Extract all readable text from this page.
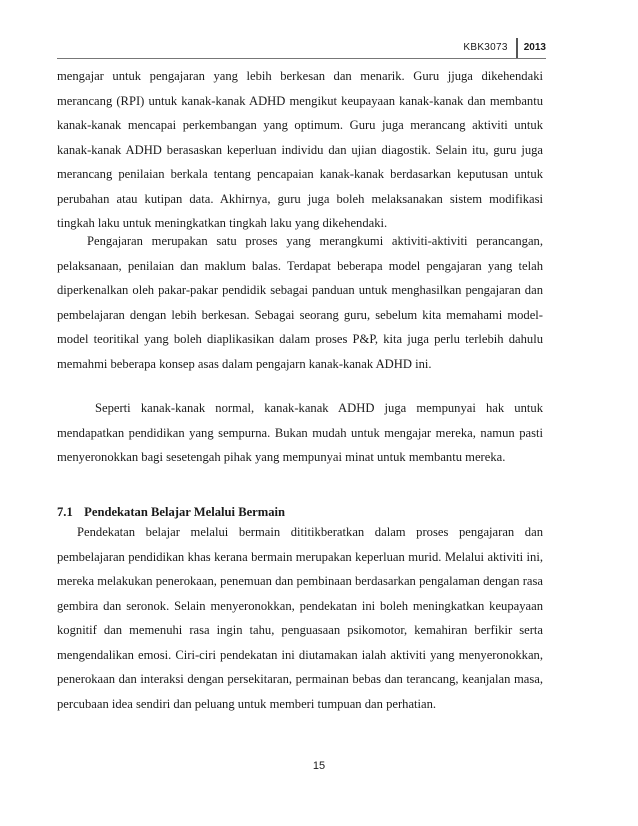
KBK3073	2013

mengajar untuk pengajaran yang lebih berkesan dan menarik. Guru jjuga dikehendaki merancang (RPI) untuk kanak-kanak ADHD mengikut keupayaan kanak-kanak dan membantu kanak-kanak mencapai perkembangan yang optimum. Guru juga merancang aktiviti untuk kanak-kanak ADHD berasaskan keperluan individu dan ujian diagostik. Selain itu, guru juga merancang penilaian berkala tentang pencapaian kanak-kanak berdasarkan keputusan untuk perubahan atau kutipan data. Akhirnya, guru juga boleh melaksanakan sistem modifikasi tingkah laku untuk meningkatkan tingkah laku yang dikehendaki.

Pengajaran merupakan satu proses yang merangkumi aktiviti-aktiviti perancangan, pelaksanaan, penilaian dan maklum balas. Terdapat beberapa model pengajaran yang telah diperkenalkan oleh pakar-pakar pendidik sebagai panduan untuk menghasilkan pengajaran dan pembelajaran dengan lebih berkesan. Sebagai seorang guru, sebelum kita memahami model-model teoritikal yang boleh diaplikasikan dalam proses P&P, kita juga perlu terlebih dahulu memahmi beberapa konsep asas dalam pengajarn kanak-kanak ADHD ini.

Seperti kanak-kanak normal, kanak-kanak ADHD juga mempunyai hak untuk mendapatkan pendidikan yang sempurna. Bukan mudah untuk mengajar mereka, namun pasti menyeronokkan bagi sesetengah pihak yang mempunyai minat untuk membantu mereka.

7.1 Pendekatan Belajar Melalui Bermain

Pendekatan belajar melalui bermain dititikberatkan dalam proses pengajaran dan pembelajaran pendidikan khas kerana bermain merupakan keperluan murid. Melalui aktiviti ini, mereka melakukan penerokaan, penemuan dan pembinaan berdasarkan pengalaman dengan rasa gembira dan seronok. Selain menyeronokkan, pendekatan ini boleh meningkatkan keupayaan kognitif dan memenuhi rasa ingin tahu, penguasaan psikomotor, kemahiran berfikir serta mengendalikan emosi. Ciri-ciri pendekatan ini diutamakan ialah aktiviti yang menyeronokkan, penerokaan dan interaksi dengan persekitaran, permainan bebas dan terancang, keanjalan masa, percubaan idea sendiri dan peluang untuk memberi tumpuan dan perhatian.

15
